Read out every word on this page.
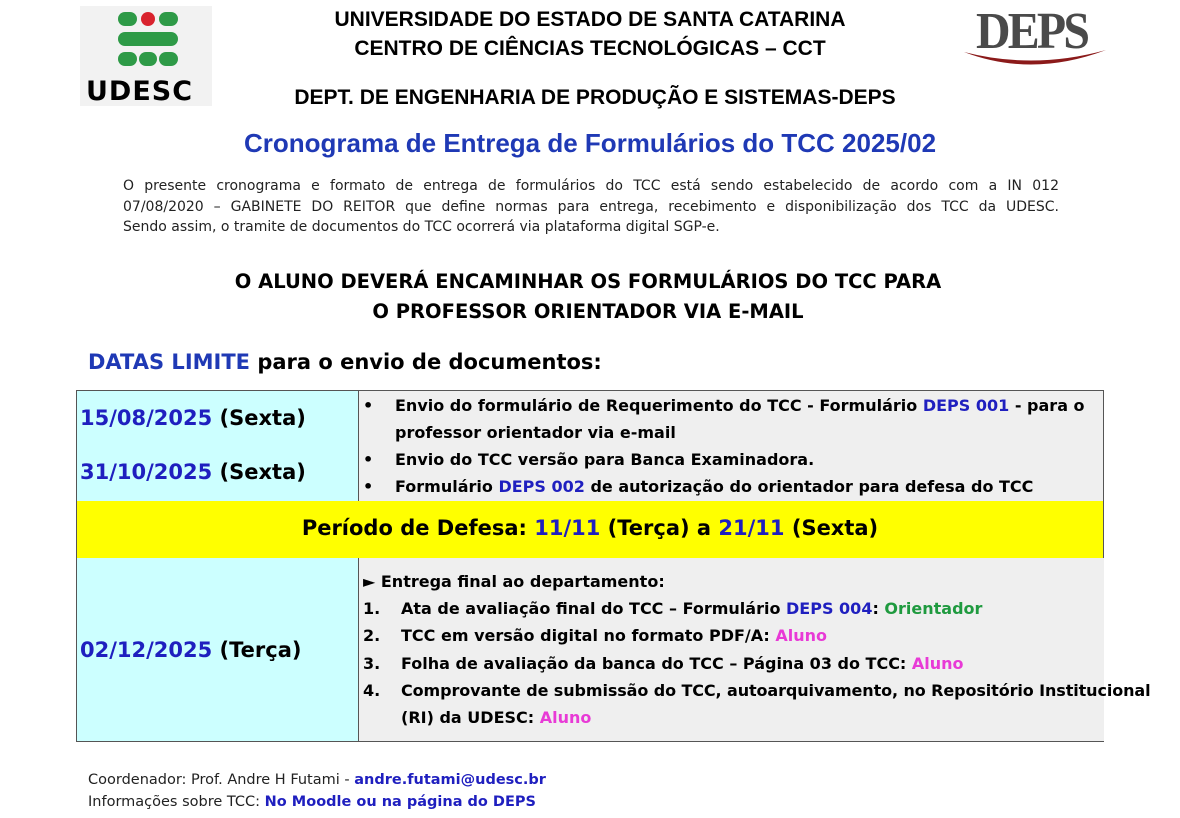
UDESC
DEPS
UNIVERSIDADE DO ESTADO DE SANTA CATARINA
CENTRO DE CIÊNCIAS TECNOLÓGICAS – CCT
DEPT. DE ENGENHARIA DE PRODUÇÃO E SISTEMAS-DEPS
Cronograma de Entrega de Formulários do TCC 2025/02
O presente cronograma e formato de entrega de formulários do TCC está sendo estabelecido de acordo com a IN 012
07/08/2020 – GABINETE DO REITOR que define normas para entrega, recebimento e disponibilização dos TCC da UDESC.
Sendo assim, o tramite de documentos do TCC ocorrerá via plataforma digital SGP-e.
O ALUNO DEVERÁ ENCAMINHAR OS FORMULÁRIOS DO TCC PARA
O PROFESSOR ORIENTADOR VIA E-MAIL
DATAS LIMITE para o envio de documentos:
15/08/2025 (Sexta)
• Envio do formulário de Requerimento do TCC - Formulário DEPS 001 - para o
professor orientador via e-mail
31/10/2025 (Sexta)
• Envio do TCC versão para Banca Examinadora.
• Formulário DEPS 002 de autorização do orientador para defesa do TCC
Período de Defesa: 11/11 (Terça) a 21/11 (Sexta)
02/12/2025 (Terça)
► Entrega final ao departamento:
1. Ata de avaliação final do TCC – Formulário DEPS 004: Orientador
2. TCC em versão digital no formato PDF/A: Aluno
3. Folha de avaliação da banca do TCC – Página 03 do TCC: Aluno
4. Comprovante de submissão do TCC, autoarquivamento, no Repositório Institucional
(RI) da UDESC: Aluno
Coordenador: Prof. Andre H Futami - andre.futami@udesc.br
Informações sobre TCC: No Moodle ou na página do DEPS
